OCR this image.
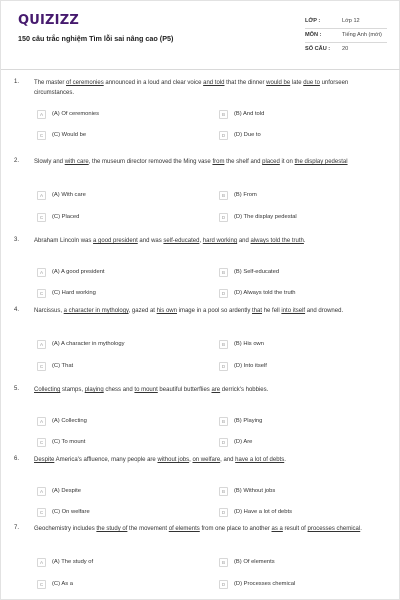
QUIZIZZ
150 câu trắc nghiệm Tìm lỗi sai nâng cao (P5)
LỚP :	Lớp 12
MÔN :	Tiếng Anh (mới)
SỐ CÂU : 20
1. The master of ceremonies announced in a loud and clear voice and told that the dinner would be late due to unforseen circumstances.
A	(A) Of ceremonies	B	(B) And told
C	(C) Would be	D	(D) Due to
2. Slowly and with care, the museum director removed the Ming vase from the shelf and placed it on the display pedestal
A	(A) With care	B	(B) From
C	(C) Placed	D	(D) The display pedestal
3. Abraham Lincoln was a good president and was self-educated, hard working and always told the truth.
A	(A) A good president	B	(B) Self-educated
C	(C) Hard working	D	(D) Always told the truth
4. Narcissus, a character in mythology, gazed at his own image in a pool so ardently that he fell into itself and drowned.
A	(A) A character in mythology	B	(B) His own
C	(C) That	D	(D) Into itself
5. Collecting stamps, playing chess and to mount beautiful butterflies are derrick's hobbies.
A	(A) Collecting	B	(B) Playing
C	(C) To mount	D	(D) Are
6. Despite America's affluence, many people are without jobs, on welfare, and have a lot of debts.
A	(A) Despite	B	(B) Without jobs
C	(C) On welfare	D	(D) Have a lot of debts
7. Geochemistry includes the study of the movement of elements from one place to another as a result of processes chemical.
A	(A) The study of	B	(B) Of elements
C	(C) As a	D	(D) Processes chemical
